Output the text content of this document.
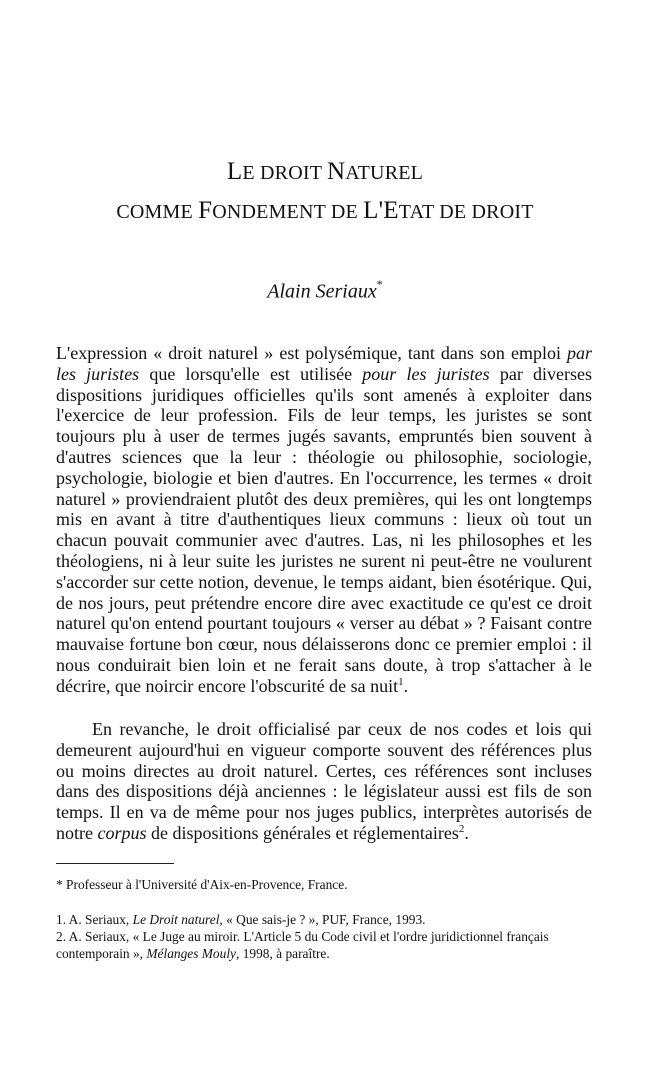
LE DROIT NATUREL
COMME FONDEMENT DE L'ETAT DE DROIT
Alain Seriaux*

L'expression « droit naturel » est polysémique, tant dans son emploi par les juristes que lorsqu'elle est utilisée pour les juristes par diverses dispositions juridiques officielles qu'ils sont amenés à exploiter dans l'exercice de leur profession. Fils de leur temps, les juristes se sont toujours plu à user de termes jugés savants, empruntés bien souvent à d'autres sciences que la leur : théologie ou philosophie, sociologie, psychologie, biologie et bien d'autres. En l'occurrence, les termes « droit naturel » proviendraient plutôt des deux premières, qui les ont longtemps mis en avant à titre d'authentiques lieux communs : lieux où tout un chacun pouvait communier avec d'autres. Las, ni les philosophes et les théologiens, ni à leur suite les juristes ne surent ni peut-être ne voulurent s'accorder sur cette notion, devenue, le temps aidant, bien ésotérique. Qui, de nos jours, peut prétendre encore dire avec exactitude ce qu'est ce droit naturel qu'on entend pourtant toujours « verser au débat » ? Faisant contre mauvaise fortune bon cœur, nous délaisserons donc ce premier emploi : il nous conduirait bien loin et ne ferait sans doute, à trop s'attacher à le décrire, que noircir encore l'obscurité de sa nuit$^1$.

En revanche, le droit officialisé par ceux de nos codes et lois qui demeurent aujourd'hui en vigueur comporte souvent des références plus ou moins directes au droit naturel. Certes, ces références sont incluses dans des dispositions déjà anciennes : le législateur aussi est fils de son temps. Il en va de même pour nos juges publics, interprètes autorisés de notre corpus de dispositions générales et réglementaires$^2$.

* Professeur à l'Université d'Aix-en-Provence, France.
1. A. Seriaux, Le Droit naturel, « Que sais-je ? », PUF, France, 1993.
2. A. Seriaux, « Le Juge au miroir. L'Article 5 du Code civil et l'ordre juridictionnel français contemporain », Mélanges Mouly, 1998, à paraître.
